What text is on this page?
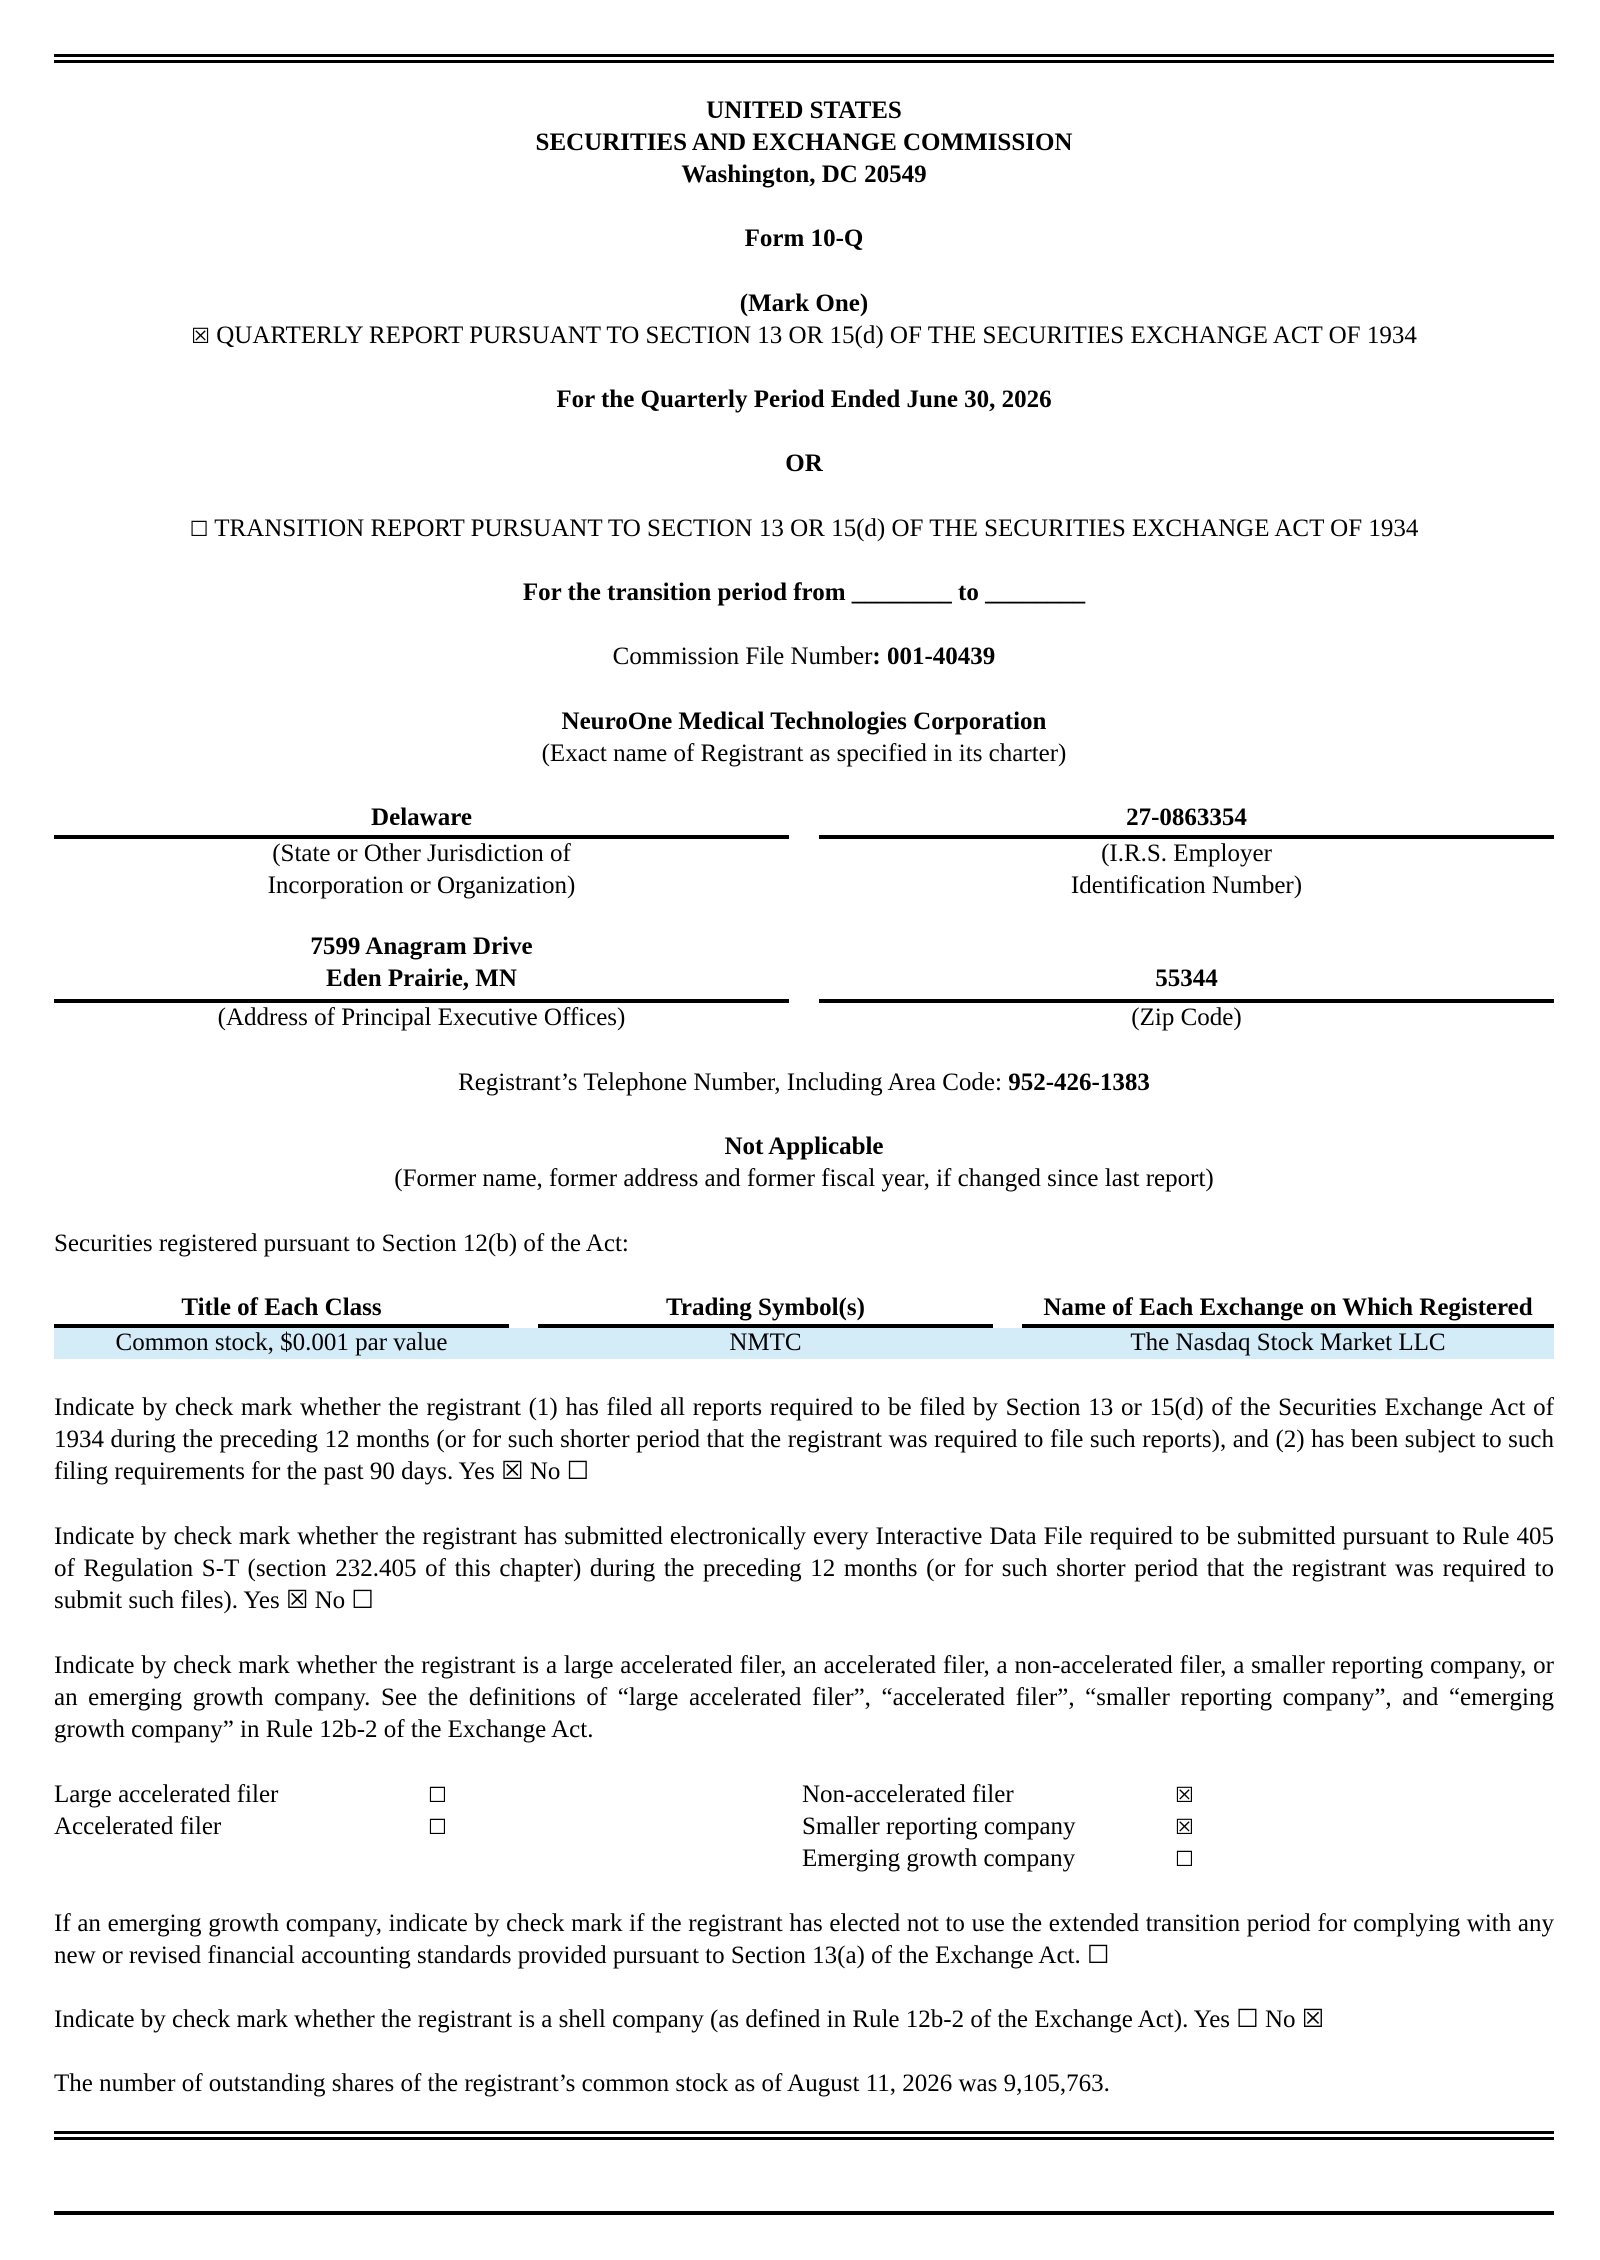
UNITED STATES
SECURITIES AND EXCHANGE COMMISSION
Washington, DC 20549
Form 10-Q
(Mark One)
☒ QUARTERLY REPORT PURSUANT TO SECTION 13 OR 15(d) OF THE SECURITIES EXCHANGE ACT OF 1934
For the Quarterly Period Ended June 30, 2026
OR
☐ TRANSITION REPORT PURSUANT TO SECTION 13 OR 15(d) OF THE SECURITIES EXCHANGE ACT OF 1934
For the transition period from ________ to ________
Commission File Number: 001-40439
NeuroOne Medical Technologies Corporation
(Exact name of Registrant as specified in its charter)
Delaware
(State or Other Jurisdiction of
Incorporation or Organization)
27-0863354
(I.R.S. Employer
Identification Number)
7599 Anagram Drive
Eden Prairie, MN
(Address of Principal Executive Offices)
55344
(Zip Code)
Registrant’s Telephone Number, Including Area Code: 952-426-1383
Not Applicable
(Former name, former address and former fiscal year, if changed since last report)
Securities registered pursuant to Section 12(b) of the Act:
Title of Each Class	Trading Symbol(s)	Name of Each Exchange on Which Registered
Common stock, $0.001 par value	NMTC	The Nasdaq Stock Market LLC
Indicate by check mark whether the registrant (1) has filed all reports required to be filed by Section 13 or 15(d) of the Securities Exchange Act of 1934 during the preceding 12 months (or for such shorter period that the registrant was required to file such reports), and (2) has been subject to such filing requirements for the past 90 days. Yes ☒ No ☐
Indicate by check mark whether the registrant has submitted electronically every Interactive Data File required to be submitted pursuant to Rule 405 of Regulation S-T (section 232.405 of this chapter) during the preceding 12 months (or for such shorter period that the registrant was required to submit such files). Yes ☒ No ☐
Indicate by check mark whether the registrant is a large accelerated filer, an accelerated filer, a non-accelerated filer, a smaller reporting company, or an emerging growth company. See the definitions of “large accelerated filer”, “accelerated filer”, “smaller reporting company”, and “emerging growth company” in Rule 12b-2 of the Exchange Act.
Large accelerated filer	☐
Accelerated filer	☐
Non-accelerated filer	☒
Smaller reporting company	☒
Emerging growth company	☐
If an emerging growth company, indicate by check mark if the registrant has elected not to use the extended transition period for complying with any new or revised financial accounting standards provided pursuant to Section 13(a) of the Exchange Act. ☐
Indicate by check mark whether the registrant is a shell company (as defined in Rule 12b-2 of the Exchange Act). Yes ☐ No ☒
The number of outstanding shares of the registrant’s common stock as of August 11, 2026 was 9,105,763.
